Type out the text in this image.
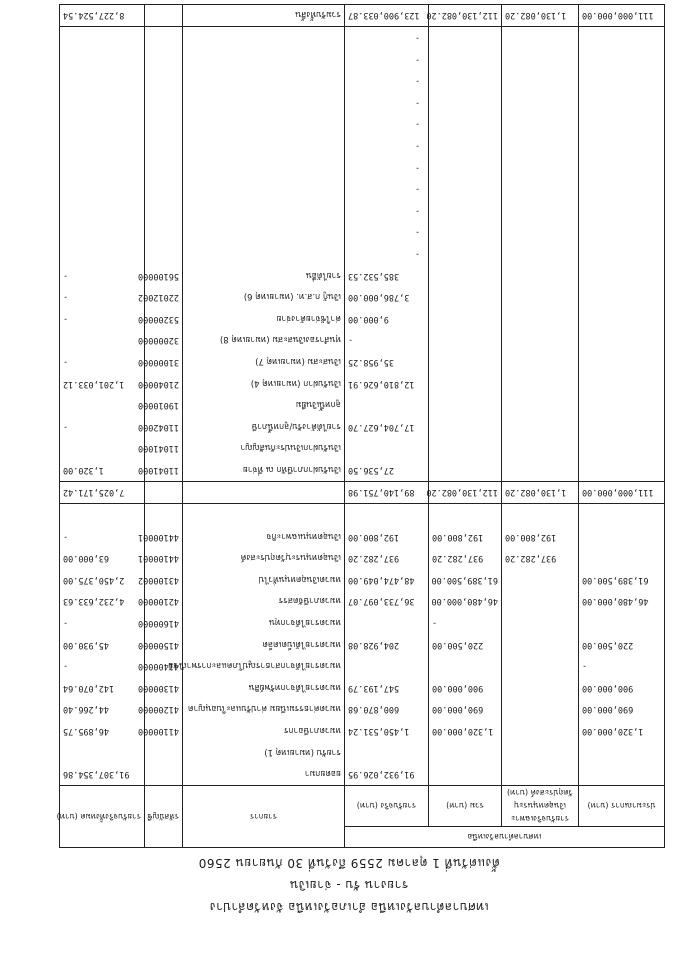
เทศบาลตำบลวังเหนือ อำเภอวังเหนือ จังหวัดลำปาง
รายงาน รับ - จ่ายเงิน
ตั้งแต่วันที่ 1 ตุลาคม 2559 ถึงวันที่ 30 กันยายน 2560
เทศบาลตำบลวังเหนือ				รายการ	รหัสบัญชี	รายรับจริงทั้งหมด (บาท)
ประมาณการ (บาท)	รายรับจริงเฉพาะ เงินอุดหนุนระบุวัตถุประสงค์ (บาท)	รวม (บาท)	รายรับจริง (บาท)			
			91,932,026.95	ยอดยกมา		91,307,354.86
				รายรับ (หมายเหตุ 1)		
1,320,000.00		1,320,000.00	1,450,531.24	หมวดภาษีอากร	41100000	46,895.75
690,000.00		690,000.00	600,870.68	หมวดค่าธรรมเนียม ค่าปรับและใบอนุญาต	41200000	44,266.40
900,000.00		900,000.00	547,193.79	หมวดรายได้จากทรัพย์สิน	41300000	142,070.64
-				หมวดรายได้จากสาธารณูปโภคและการพาณิชย์	41400000	-
220,500.00		220,500.00	204,928.08	หมวดรายได้เบ็ดเตล็ด	41500000	45,930.00
		-		หมวดรายได้จากทุน	41600000	-
46,480,000.00		46,480,000.00	36,733,097.07	หมวดภาษีจัดสรร	42100000	4,232,633.63
61,389,500.00		61,389,500.00	48,474,049.00	หมวดเงินอุดหนุนทั่วไป	43100002	2,450,375.00
	937,282.20	937,282.20	937,282.20	เงินอุดหนุนระบุวัตถุประสงค์	44100001	63,000.00
	192,800.00	192,800.00	192,800.00	เงินอุดหนุนเฉพาะกิจ	44100001	-

111,000,000.00	1,130,082.20	112,130,082.20	89,140,751.98			7,025,171.42
			27,536.50	เงินรับฝากภาษีหัก ณ ที่จ่าย	11041000	1,320.00
				เงินรับฝากเงินประกันสัญญา	11041000	
			17,704,627.70	รายได้ค้างรับ/ลูกหนี้ภาษี	11042000	-
				ลูกหนี้เงินยืม	19010000	
			12,810,626.91	เงินรับฝาก (หมายเหตุ 4)	21040000	1,201,033.12
			35,958.25	เงินสะสม (หมายเหตุ 7)	31000000	-
			-	ทุนสำรองเงินสะสม (หมายเหตุ 8)	32000000	
			9,000.00	ค่าใช้จ่ายค้างจ่าย	53200000	-
			3,786,000.00	เงินกู้ ก.ส.ท. (หมายเหตุ 6)	22012002	-
			385,532.53	รายได้อื่น	56100000	-
			-			
			-			
			-			
			-			
			-			
			-			
			-			
			-			
			-			
			-			
			-			
111,000,000.00	1,130,082.20	112,130,082.20	123,900,033.87	รวมรับทั้งสิ้น		8,227,524.54
